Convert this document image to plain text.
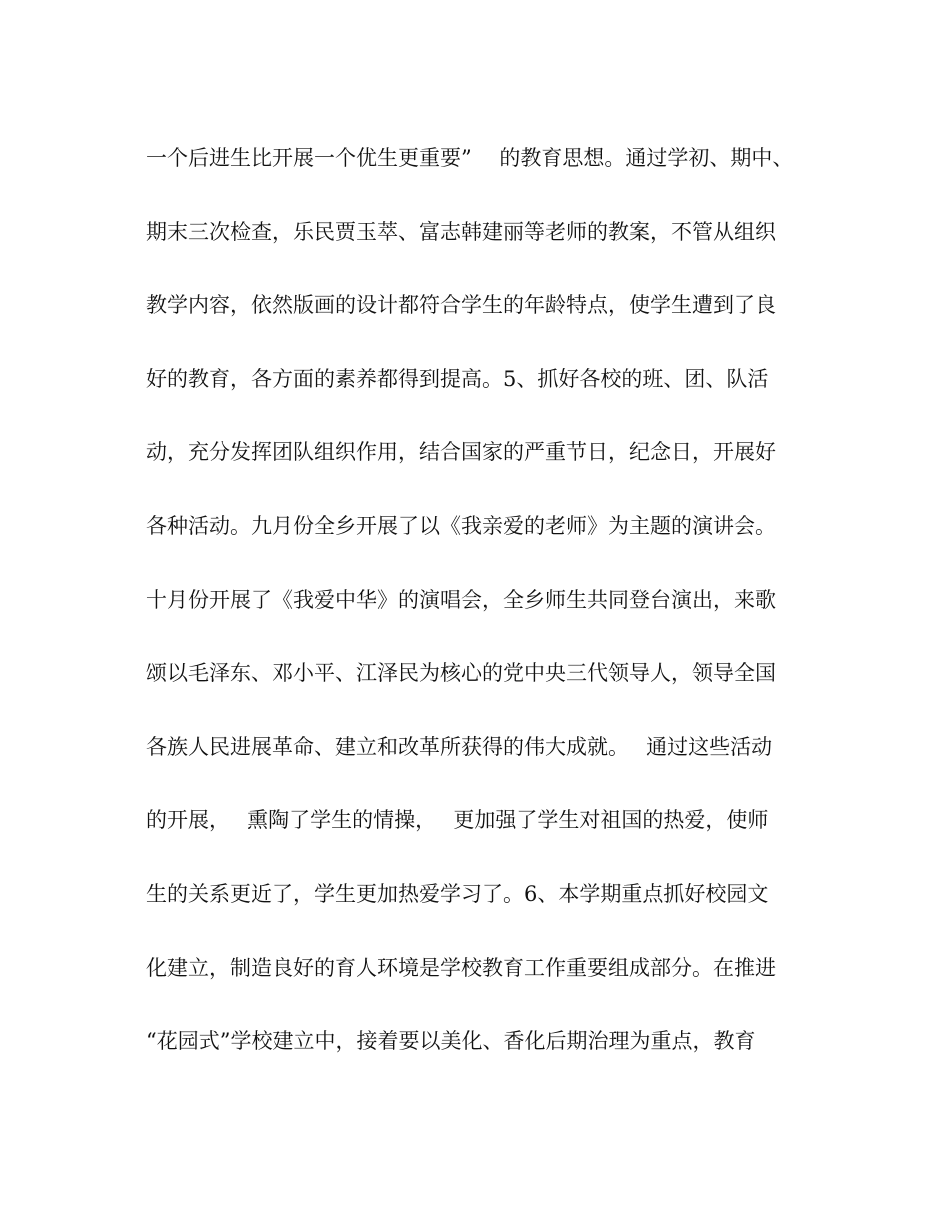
一个后进生比开展一个优生更重要”　 的教育思想。通过学初、期中、
期末三次检查，乐民贾玉萃、富志韩建丽等老师的教案，不管从组织
教学内容，依然版画的设计都符合学生的年龄特点，使学生遭到了良
好的教育，各方面的素养都得到提高。5、抓好各校的班、团、队活
动，充分发挥团队组织作用，结合国家的严重节日，纪念日，开展好
各种活动。九月份全乡开展了以《我亲爱的老师》为主题的演讲会。
十月份开展了《我爱中华》的演唱会，全乡师生共同登台演出，来歌
颂以毛泽东、邓小平、江泽民为核心的党中央三代领导人，领导全国
各族人民进展革命、建立和改革所获得的伟大成就。　 通过这些活动
的开展，　 熏陶了学生的情操，　 更加强了学生对祖国的热爱，使师
生的关系更近了，学生更加热爱学习了。6、本学期重点抓好校园文
化建立，制造良好的育人环境是学校教育工作重要组成部分。在推进
“花园式”学校建立中，接着要以美化、香化后期治理为重点，教育
